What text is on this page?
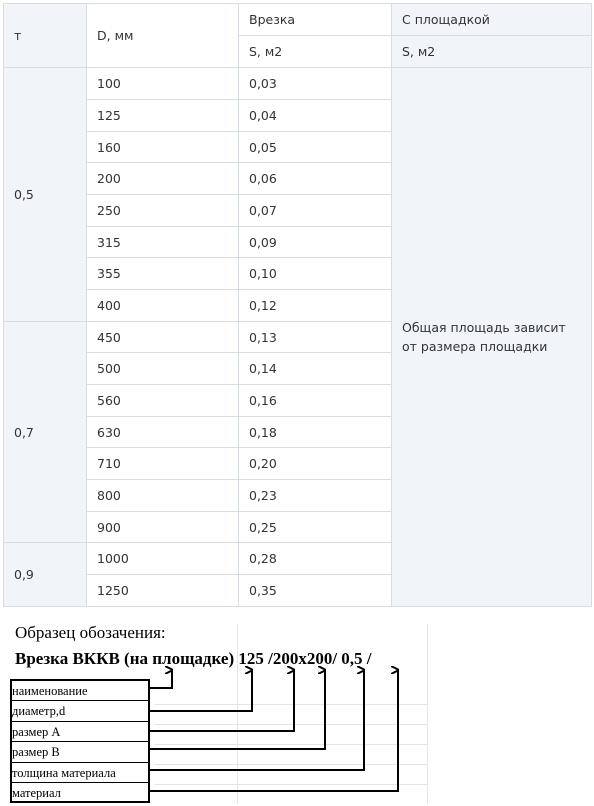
т	D, мм	Врезка	С площадкой
		S, м2	S, м2
0,5	100	0,03	Общая площадь зависит от размера площадки
	125	0,04	
	160	0,05	
	200	0,06	
	250	0,07	
	315	0,09	
	355	0,10	
	400	0,12	
0,7	450	0,13	
	500	0,14	
	560	0,16	
	630	0,18	
	710	0,20	
	800	0,23	
	900	0,25	
0,9	1000	0,28	
	1250	0,35	
Образец обозачения:
Врезка ВККВ (на площадке) 125 /200х200/ 0,5 /
наименование
диаметр,d
размер А
размер В
толщина материала
материал
